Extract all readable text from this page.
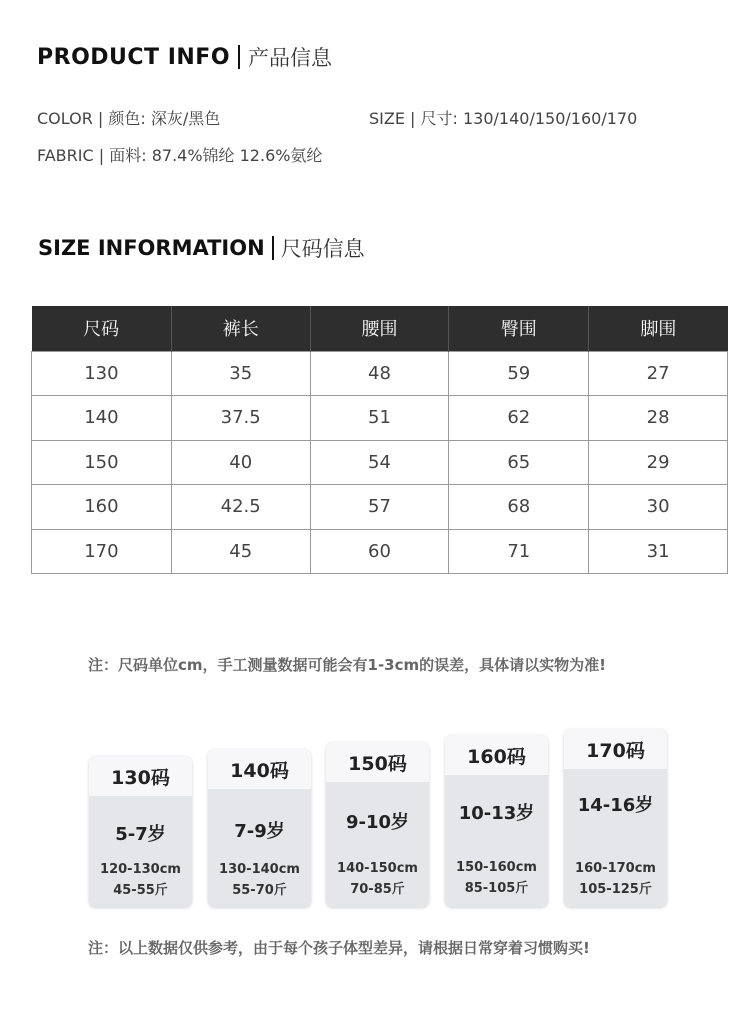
PRODUCT INFO 产品信息
COLOR | 颜色: 深灰/黑色	SIZE | 尺寸: 130/140/150/160/170
FABRIC | 面料: 87.4%锦纶 12.6%氨纶
SIZE INFORMATION 尺码信息
尺码	裤长	腰围	臀围	脚围
130	35	48	59	27
140	37.5	51	62	28
150	40	54	65	29
160	42.5	57	68	30
170	45	60	71	31
注：尺码单位cm，手工测量数据可能会有1-3cm的误差，具体请以实物为准!
130码
5-7岁
120-130cm
45-55斤
140码
7-9岁
130-140cm
55-70斤
150码
9-10岁
140-150cm
70-85斤
160码
10-13岁
150-160cm
85-105斤
170码
14-16岁
160-170cm
105-125斤
注：以上数据仅供参考，由于每个孩子体型差异，请根据日常穿着习惯购买!
